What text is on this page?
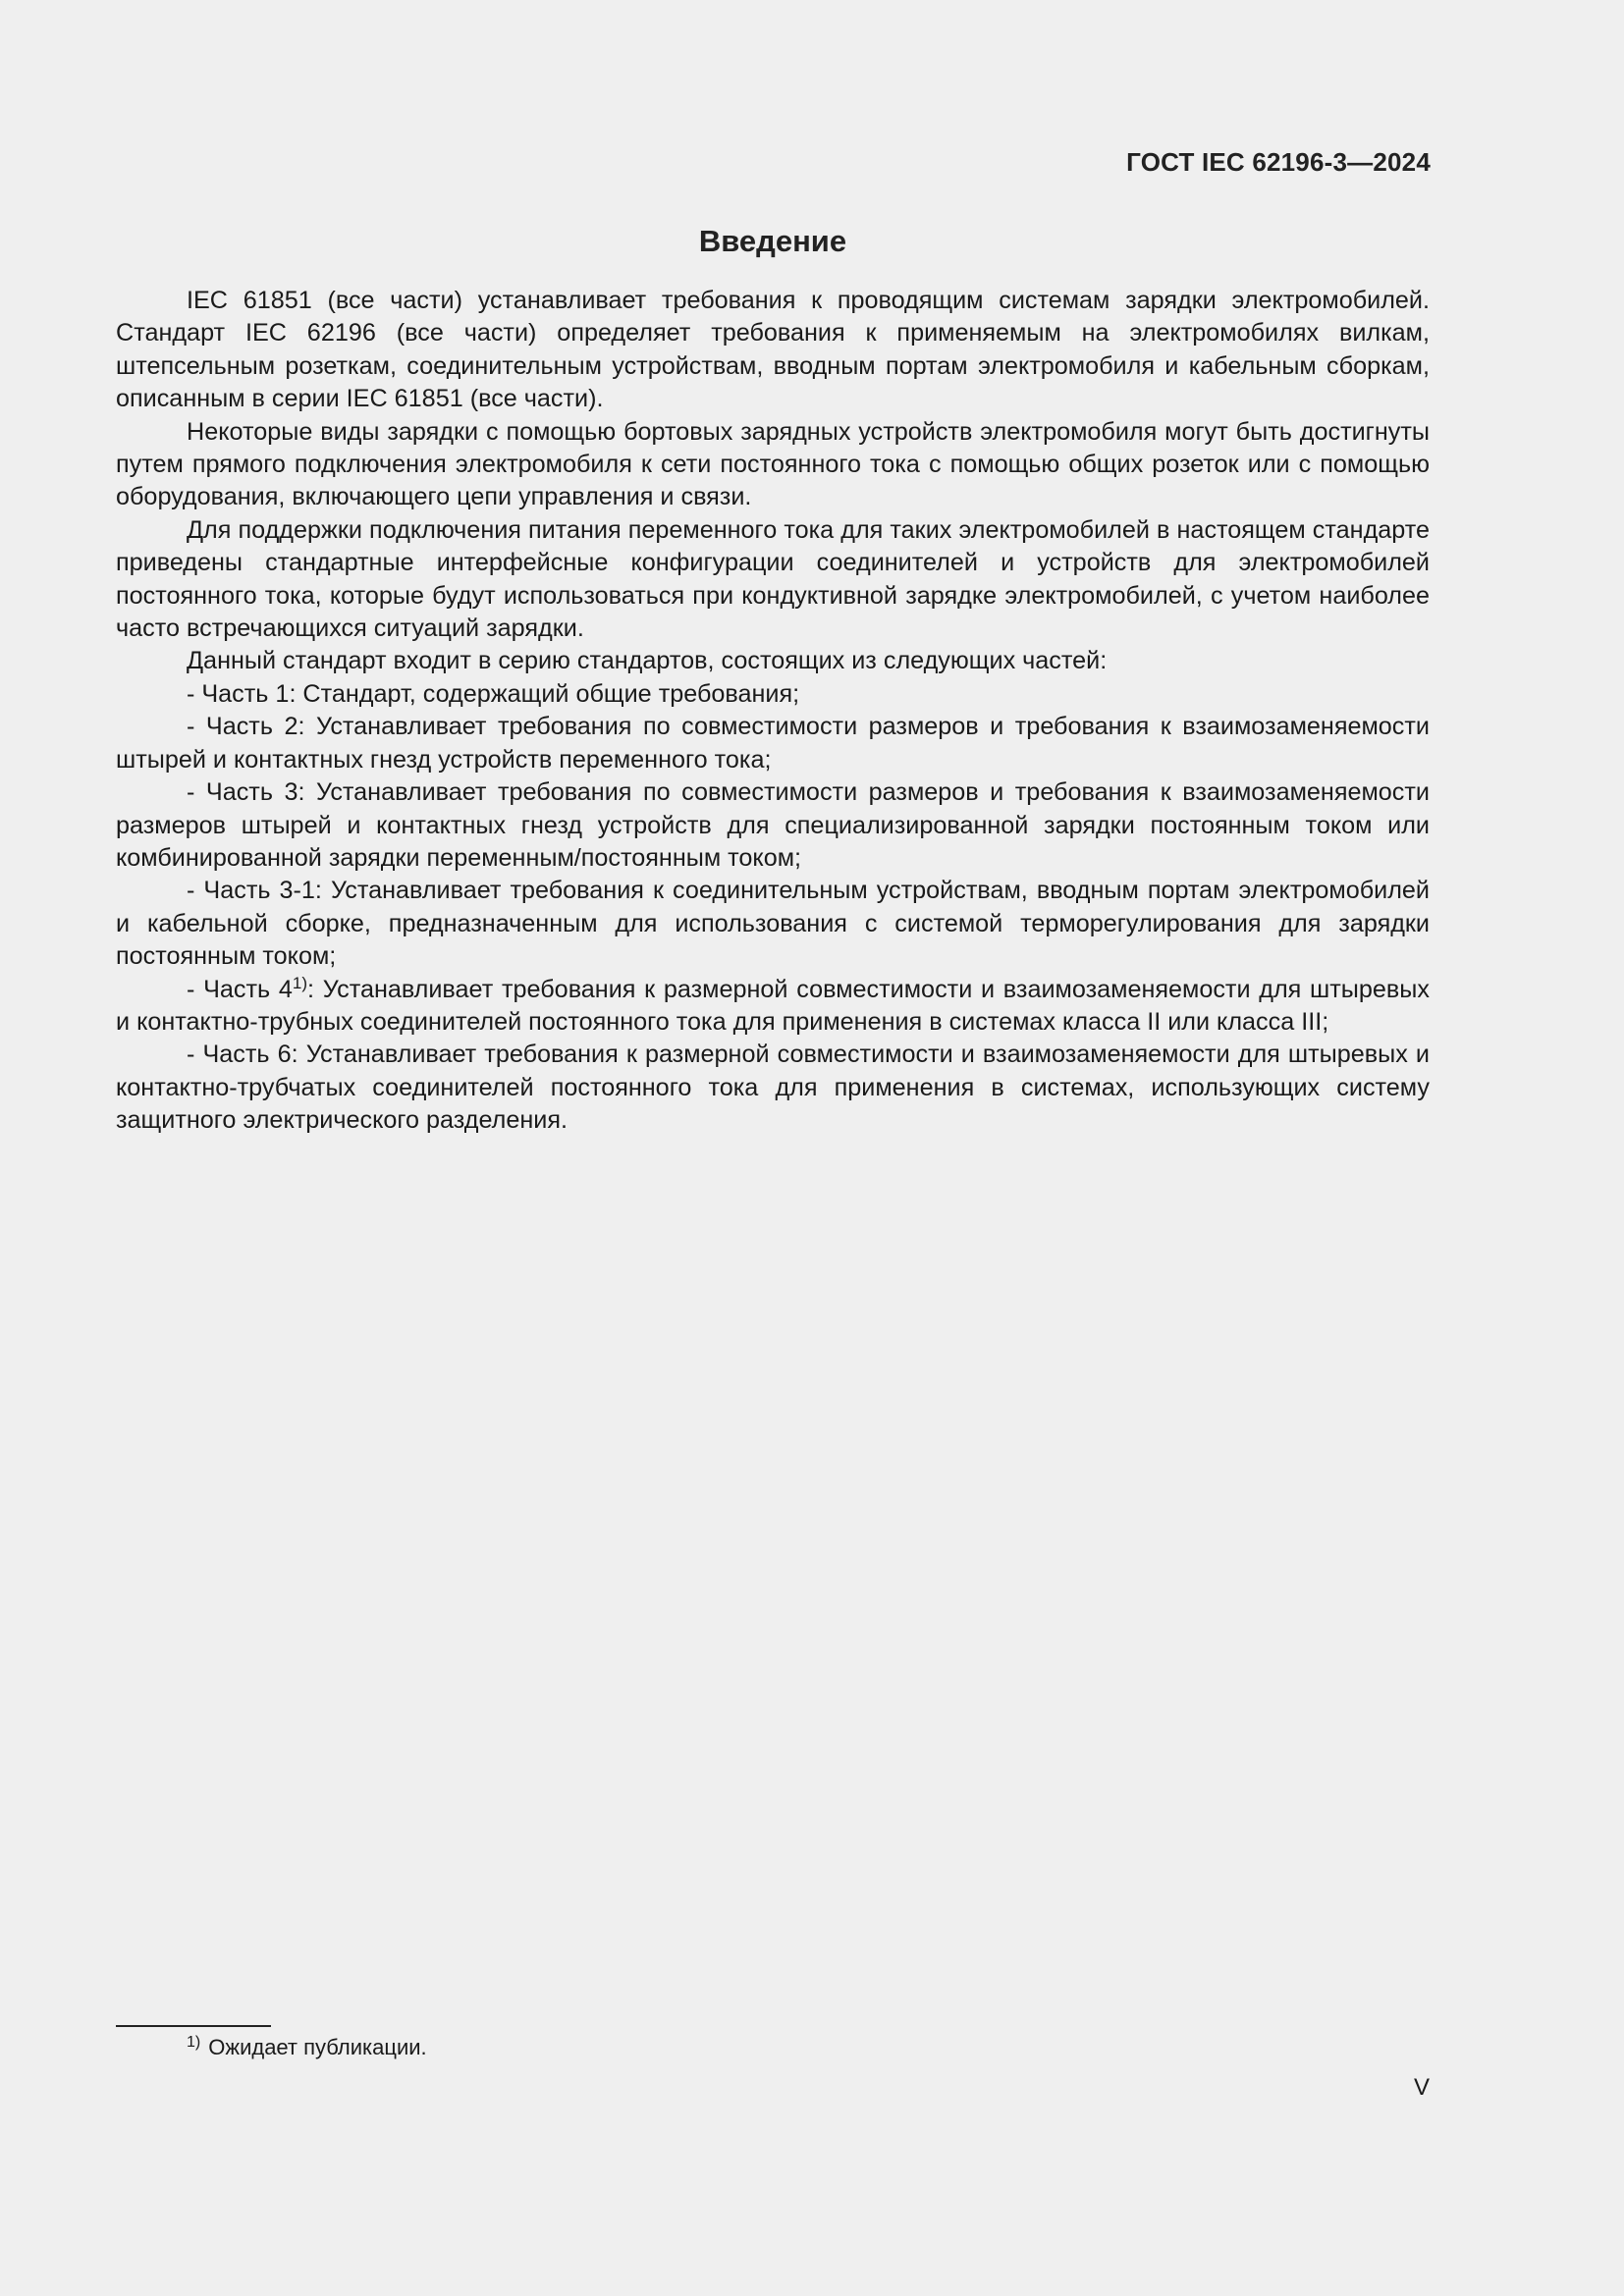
ГОСТ IEC 62196-3—2024
Введение

IEC 61851 (все части) устанавливает требования к проводящим системам зарядки электромобилей. Стандарт IEC 62196 (все части) определяет требования к применяемым на электромобилях вилкам, штепсельным розеткам, соединительным устройствам, вводным портам электромобиля и кабельным сборкам, описанным в серии IEC 61851 (все части).

Некоторые виды зарядки с помощью бортовых зарядных устройств электромобиля могут быть достигнуты путем прямого подключения электромобиля к сети постоянного тока с помощью общих розеток или с помощью оборудования, включающего цепи управления и связи.

Для поддержки подключения питания переменного тока для таких электромобилей в настоящем стандарте приведены стандартные интерфейсные конфигурации соединителей и устройств для электромобилей постоянного тока, которые будут использоваться при кондуктивной зарядке электромобилей, с учетом наиболее часто встречающихся ситуаций зарядки.

Данный стандарт входит в серию стандартов, состоящих из следующих частей:

- Часть 1: Стандарт, содержащий общие требования;

- Часть 2: Устанавливает требования по совместимости размеров и требования к взаимозаменяемости штырей и контактных гнезд устройств переменного тока;

- Часть 3: Устанавливает требования по совместимости размеров и требования к взаимозаменяемости размеров штырей и контактных гнезд устройств для специализированной зарядки постоянным током или комбинированной зарядки переменным/постоянным током;

- Часть 3-1: Устанавливает требования к соединительным устройствам, вводным портам электромобилей и кабельной сборке, предназначенным для использования с системой терморегулирования для зарядки постоянным током;

- Часть 4$^{1)}$: Устанавливает требования к размерной совместимости и взаимозаменяемости для штыревых и контактно-трубных соединителей постоянного тока для применения в системах класса II или класса III;

- Часть 6: Устанавливает требования к размерной совместимости и взаимозаменяемости для штыревых и контактно-трубчатых соединителей постоянного тока для применения в системах, использующих систему защитного электрического разделения.

$^{1)}$ Ожидает публикации.
V
